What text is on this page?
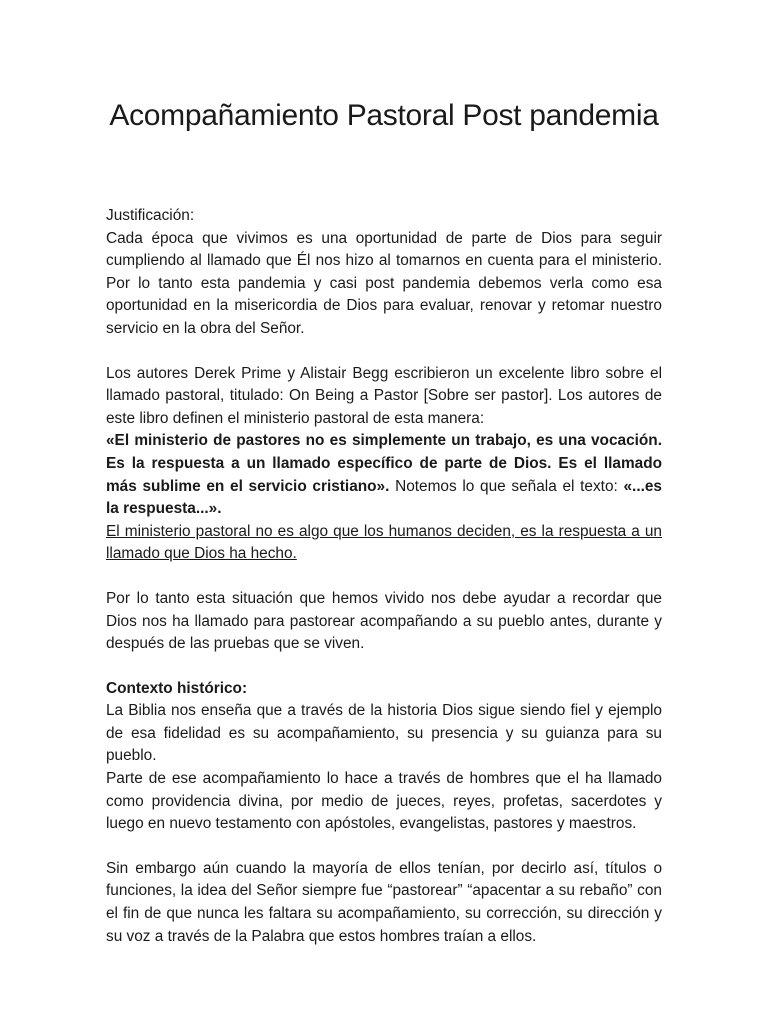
Acompañamiento Pastoral Post pandemia

Justificación:

Cada época que vivimos es una oportunidad de parte de Dios para seguir cumpliendo al llamado que Él nos hizo al tomarnos en cuenta para el ministerio. Por lo tanto esta pandemia y casi post pandemia debemos verla como esa oportunidad en la misericordia de Dios para evaluar, renovar y retomar nuestro servicio en la obra del Señor.

Los autores Derek Prime y Alistair Begg escribieron un excelente libro sobre el llamado pastoral, titulado: On Being a Pastor [Sobre ser pastor]. Los autores de este libro definen el ministerio pastoral de esta manera:

«El ministerio de pastores no es simplemente un trabajo, es una vocación. Es la respuesta a un llamado específico de parte de Dios. Es el llamado más sublime en el servicio cristiano». Notemos lo que señala el texto: «...es la respuesta...».

El ministerio pastoral no es algo que los humanos deciden, es la respuesta a un llamado que Dios ha hecho.

Por lo tanto esta situación que hemos vivido nos debe ayudar a recordar que Dios nos ha llamado para pastorear acompañando a su pueblo antes, durante y después de las pruebas que se viven.

Contexto histórico:

La Biblia nos enseña que a través de la historia Dios sigue siendo fiel y ejemplo de esa fidelidad es su acompañamiento, su presencia y su guianza para su pueblo.

Parte de ese acompañamiento lo hace a través de hombres que el ha llamado como providencia divina, por medio de jueces, reyes, profetas, sacerdotes y luego en nuevo testamento con apóstoles, evangelistas, pastores y maestros.

Sin embargo aún cuando la mayoría de ellos tenían, por decirlo así, títulos o funciones, la idea del Señor siempre fue “pastorear” “apacentar a su rebaño” con el fin de que nunca les faltara su acompañamiento, su corrección, su dirección y su voz a través de la Palabra que estos hombres traían a ellos.
